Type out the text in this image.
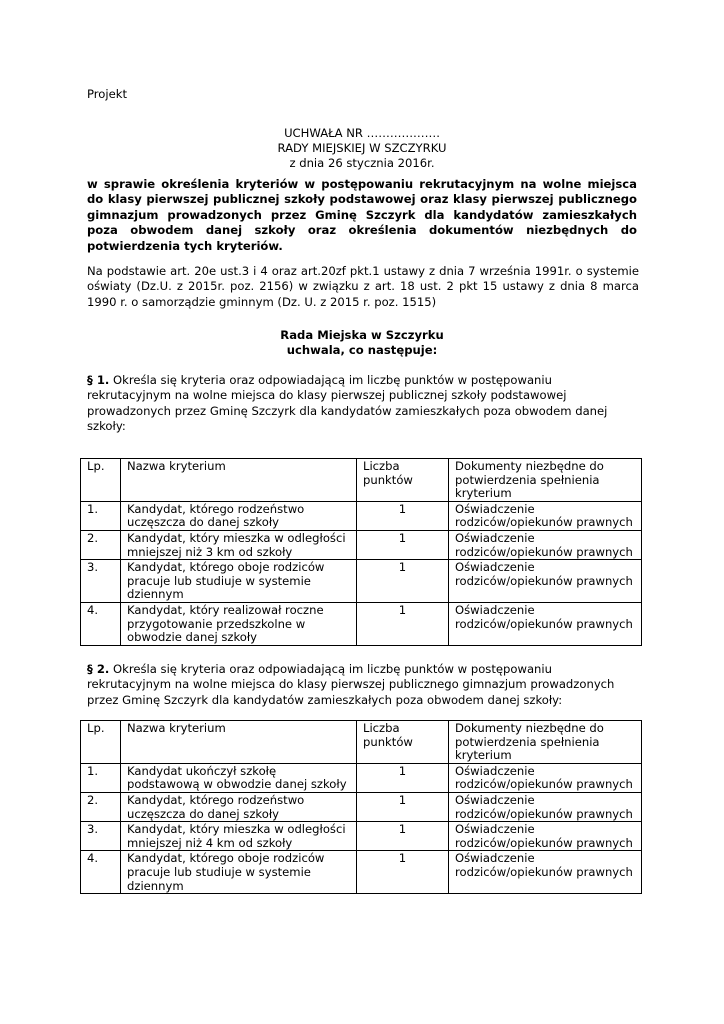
Projekt
UCHWAŁA NR ……………….
RADY MIEJSKIEJ W SZCZYRKU
z dnia 26 stycznia 2016r.
w sprawie określenia kryteriów w postępowaniu rekrutacyjnym na wolne miejsca do klasy pierwszej publicznej szkoły podstawowej oraz klasy pierwszej publicznego gimnazjum prowadzonych przez Gminę Szczyrk dla kandydatów zamieszkałych poza obwodem danej szkoły oraz określenia dokumentów niezbędnych do potwierdzenia tych kryteriów.
Na podstawie art. 20e ust.3 i 4 oraz art.20zf pkt.1 ustawy z dnia 7 września 1991r. o systemie oświaty (Dz.U. z 2015r. poz. 2156) w związku z art. 18 ust. 2 pkt 15 ustawy z dnia 8 marca 1990 r. o samorządzie gminnym (Dz. U. z 2015 r. poz. 1515)
Rada Miejska w Szczyrku
uchwala, co następuje:
§ 1. Określa się kryteria oraz odpowiadającą im liczbę punktów w postępowaniu rekrutacyjnym na wolne miejsca do klasy pierwszej publicznej szkoły podstawowej prowadzonych przez Gminę Szczyrk dla kandydatów zamieszkałych poza obwodem danej szkoły:
Lp.	Nazwa kryterium	Liczba punktów	Dokumenty niezbędne do potwierdzenia spełnienia kryterium
1.	Kandydat, którego rodzeństwo uczęszcza do danej szkoły	1	Oświadczenie rodziców/opiekunów prawnych
2.	Kandydat, który mieszka w odległości mniejszej niż 3 km od szkoły	1	Oświadczenie rodziców/opiekunów prawnych
3.	Kandydat, którego oboje rodziców pracuje lub studiuje w systemie dziennym	1	Oświadczenie rodziców/opiekunów prawnych
4.	Kandydat, który realizował roczne przygotowanie przedszkolne w obwodzie danej szkoły	1	Oświadczenie rodziców/opiekunów prawnych
§ 2. Określa się kryteria oraz odpowiadającą im liczbę punktów w postępowaniu rekrutacyjnym na wolne miejsca do klasy pierwszej publicznego gimnazjum prowadzonych przez Gminę Szczyrk dla kandydatów zamieszkałych poza obwodem danej szkoły:
Lp.	Nazwa kryterium	Liczba punktów	Dokumenty niezbędne do potwierdzenia spełnienia kryterium
1.	Kandydat ukończył szkołę podstawową w obwodzie danej szkoły	1	Oświadczenie rodziców/opiekunów prawnych
2.	Kandydat, którego rodzeństwo uczęszcza do danej szkoły	1	Oświadczenie rodziców/opiekunów prawnych
3.	Kandydat, który mieszka w odległości mniejszej niż 4 km od szkoły	1	Oświadczenie rodziców/opiekunów prawnych
4.	Kandydat, którego oboje rodziców pracuje lub studiuje w systemie dziennym	1	Oświadczenie rodziców/opiekunów prawnych
